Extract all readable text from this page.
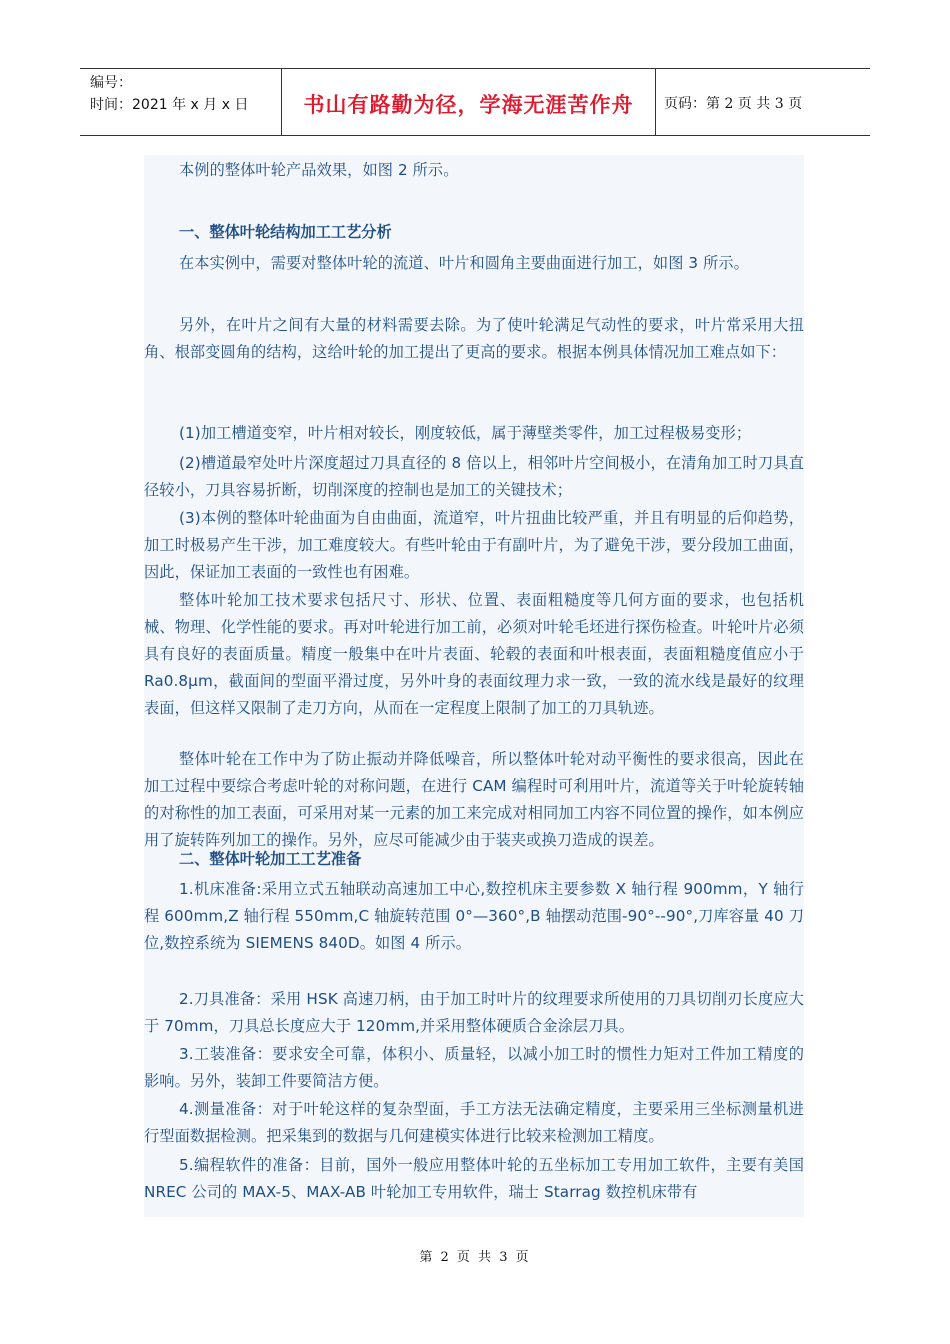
编号：
时间：2021 年 x 月 x 日	书山有路勤为径，学海无涯苦作舟 页码：第 2 页 共 3 页

本例的整体叶轮产品效果，如图 2 所示。

一、整体叶轮结构加工工艺分析

在本实例中，需要对整体叶轮的流道、叶片和圆角主要曲面进行加工，如图 3 所示。

另外，在叶片之间有大量的材料需要去除。为了使叶轮满足气动性的要求，叶片常采用大扭角、根部变圆角的结构，这给叶轮的加工提出了更高的要求。根据本例具体情况加工难点如下：

(1)加工槽道变窄，叶片相对较长，刚度较低，属于薄壁类零件，加工过程极易变形；

(2)槽道最窄处叶片深度超过刀具直径的 8 倍以上，相邻叶片空间极小，在清角加工时刀具直径较小，刀具容易折断，切削深度的控制也是加工的关键技术；

(3)本例的整体叶轮曲面为自由曲面，流道窄，叶片扭曲比较严重，并且有明显的后仰趋势，加工时极易产生干涉，加工难度较大。有些叶轮由于有副叶片，为了避免干涉，要分段加工曲面，因此，保证加工表面的一致性也有困难。

整体叶轮加工技术要求包括尺寸、形状、位置、表面粗糙度等几何方面的要求，也包括机械、物理、化学性能的要求。再对叶轮进行加工前，必须对叶轮毛坯进行探伤检查。叶轮叶片必须具有良好的表面质量。精度一般集中在叶片表面、轮毂的表面和叶根表面，表面粗糙度值应小于 Ra0.8μm，截面间的型面平滑过度，另外叶身的表面纹理力求一致，一致的流水线是最好的纹理表面，但这样又限制了走刀方向，从而在一定程度上限制了加工的刀具轨迹。

整体叶轮在工作中为了防止振动并降低噪音，所以整体叶轮对动平衡性的要求很高，因此在加工过程中要综合考虑叶轮的对称问题，在进行 CAM 编程时可利用叶片，流道等关于叶轮旋转轴的对称性的加工表面，可采用对某一元素的加工来完成对相同加工内容不同位置的操作，如本例应用了旋转阵列加工的操作。另外，应尽可能减少由于装夹或换刀造成的误差。

二、整体叶轮加工工艺准备

1.机床准备:采用立式五轴联动高速加工中心,数控机床主要参数 X 轴行程 900mm，Y 轴行程 600mm,Z 轴行程 550mm,C 轴旋转范围 0°—360°,B 轴摆动范围-90°--90°,刀库容量 40 刀位,数控系统为 SIEMENS 840D。如图 4 所示。

2.刀具准备：采用 HSK 高速刀柄，由于加工时叶片的纹理要求所使用的刀具切削刃长度应大于 70mm，刀具总长度应大于 120mm,并采用整体硬质合金涂层刀具。

3.工装准备：要求安全可靠，体积小、质量轻，以减小加工时的惯性力矩对工件加工精度的影响。另外，装卸工件要简洁方便。

4.测量准备：对于叶轮这样的复杂型面，手工方法无法确定精度，主要采用三坐标测量机进行型面数据检测。把采集到的数据与几何建模实体进行比较来检测加工精度。

5.编程软件的准备：目前，国外一般应用整体叶轮的五坐标加工专用加工软件，主要有美国 NREC 公司的 MAX-5、MAX-AB 叶轮加工专用软件，瑞士 Starrag 数控机床带有

第 2 页 共 3 页
